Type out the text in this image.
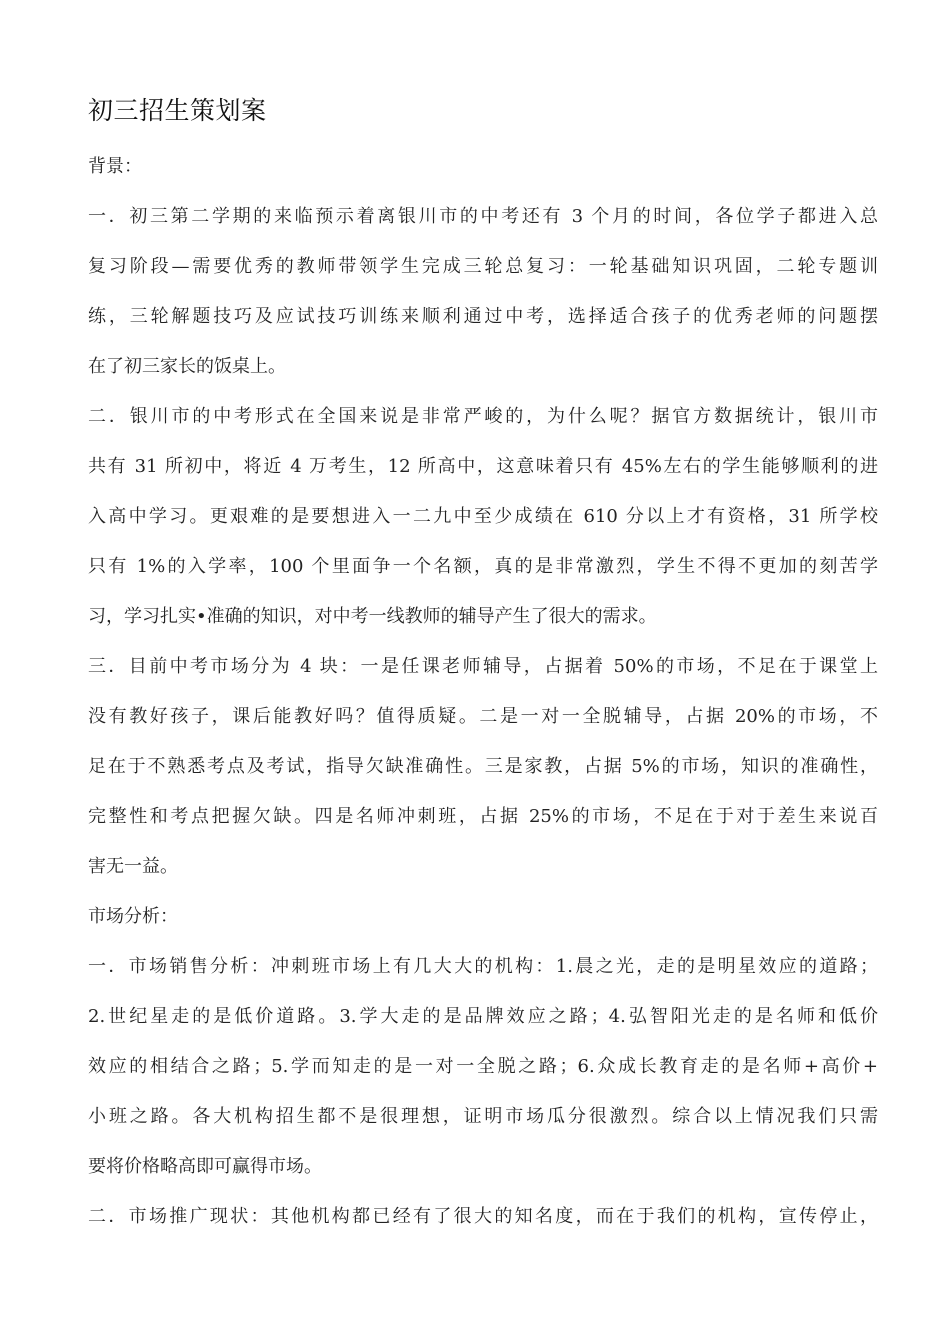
初三招生策划案
背景：
一．初三第二学期的来临预示着离银川市的中考还有 3 个月的时间，各位学子都进入总
复习阶段—需要优秀的教师带领学生完成三轮总复习：一轮基础知识巩固，二轮专题训
练，三轮解题技巧及应试技巧训练来顺利通过中考，选择适合孩子的优秀老师的问题摆
在了初三家长的饭桌上。
二．银川市的中考形式在全国来说是非常严峻的，为什么呢？据官方数据统计，银川市
共有 31 所初中，将近 4 万考生，12 所高中，这意味着只有 45%左右的学生能够顺利的进
入高中学习。更艰难的是要想进入一二九中至少成绩在 610 分以上才有资格，31 所学校
只有 1%的入学率，100 个里面争一个名额，真的是非常激烈，学生不得不更加的刻苦学
习，学习扎实•准确的知识，对中考一线教师的辅导产生了很大的需求。
三．目前中考市场分为 4 块：一是任课老师辅导，占据着 50%的市场，不足在于课堂上
没有教好孩子，课后能教好吗？值得质疑。二是一对一全脱辅导，占据 20%的市场，不
足在于不熟悉考点及考试，指导欠缺准确性。三是家教，占据 5%的市场，知识的准确性，
完整性和考点把握欠缺。四是名师冲刺班，占据 25%的市场，不足在于对于差生来说百
害无一益。
市场分析：
一．市场销售分析：冲刺班市场上有几大大的机构：1.晨之光，走的是明星效应的道路；
2.世纪星走的是低价道路。3.学大走的是品牌效应之路；4.弘智阳光走的是名师和低价
效应的相结合之路；5.学而知走的是一对一全脱之路；6.众成长教育走的是名师+高价+
小班之路。各大机构招生都不是很理想，证明市场瓜分很激烈。综合以上情况我们只需
要将价格略高即可赢得市场。
二．市场推广现状：其他机构都已经有了很大的知名度，而在于我们的机构，宣传停止，
